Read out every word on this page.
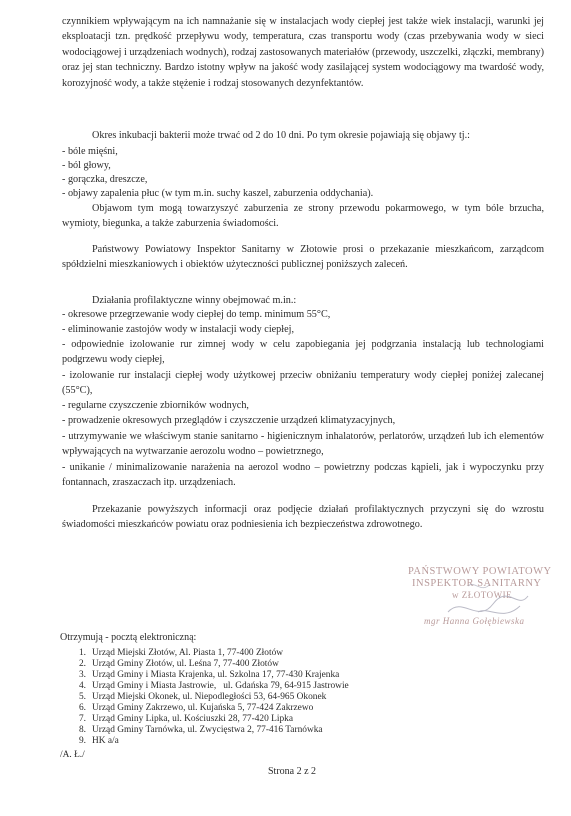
czynnikiem wpływającym na ich namnażanie się w instalacjach wody ciepłej jest także wiek instalacji, warunki jej eksploatacji tzn. prędkość przepływu wody, temperatura, czas transportu wody (czas przebywania wody w sieci wodociągowej i urządzeniach wodnych), rodzaj zastosowanych materiałów (przewody, uszczelki, złączki, membrany) oraz jej stan techniczny. Bardzo istotny wpływ na jakość wody zasilającej system wodociągowy ma twardość wody, korozyjność wody, a także stężenie i rodzaj stosowanych dezynfektantów.

Okres inkubacji bakterii może trwać od 2 do 10 dni. Po tym okresie pojawiają się objawy tj.:

- bóle mięśni,

- ból głowy,

- gorączka, dreszcze,

- objawy zapalenia płuc (w tym m.in. suchy kaszel, zaburzenia oddychania).

Objawom tym mogą towarzyszyć zaburzenia ze strony przewodu pokarmowego, w tym bóle brzucha, wymioty, biegunka, a także zaburzenia świadomości.

Państwowy Powiatowy Inspektor Sanitarny w Złotowie prosi o przekazanie mieszkańcom, zarządcom spółdzielni mieszkaniowych i obiektów użyteczności publicznej poniższych zaleceń.

Działania profilaktyczne winny obejmować m.in.:

- okresowe przegrzewanie wody ciepłej do temp. minimum 55°C,

- eliminowanie zastojów wody w instalacji wody ciepłej,

- odpowiednie izolowanie rur zimnej wody w celu zapobiegania jej podgrzania instalacją lub technologiami podgrzewu wody ciepłej,

- izolowanie rur instalacji ciepłej wody użytkowej przeciw obniżaniu temperatury wody ciepłej poniżej zalecanej (55°C),

- regularne czyszczenie zbiorników wodnych,

- prowadzenie okresowych przeglądów i czyszczenie urządzeń klimatyzacyjnych,

- utrzymywanie we właściwym stanie sanitarno - higienicznym inhalatorów, perlatorów, urządzeń lub ich elementów wpływających na wytwarzanie aerozolu wodno – powietrznego,

- unikanie / minimalizowanie narażenia na aerozol wodno – powietrzny podczas kąpieli, jak i wypoczynku przy fontannach, zraszaczach itp. urządzeniach.

Przekazanie powyższych informacji oraz podjęcie działań profilaktycznych przyczyni się do wzrostu świadomości mieszkańców powiatu oraz podniesienia ich bezpieczeństwa zdrowotnego.

PAŃSTWOWY POWIATOWY
INSPEKTOR SANITARNY
w ZŁOTOWIE
mgr Hanna Gołębiewska
Otrzymują - pocztą elektroniczną:
1. Urząd Miejski Złotów, Al. Piasta 1, 77-400 Złotów
2. Urząd Gminy Złotów, ul. Leśna 7, 77-400 Złotów
3. Urząd Gminy i Miasta Krajenka, ul. Szkolna 17, 77-430 Krajenka
4. Urząd Gminy i Miasta Jastrowie,   ul. Gdańska 79, 64-915 Jastrowie
5. Urząd Miejski Okonek, ul. Niepodległości 53, 64-965 Okonek
6. Urząd Gminy Zakrzewo, ul. Kujańska 5, 77-424 Zakrzewo
7. Urząd Gminy Lipka, ul. Kościuszki 28, 77-420 Lipka
8. Urząd Gminy Tarnówka, ul. Zwycięstwa 2, 77-416 Tarnówka
9. HK a/a
/A. Ł./
Strona 2 z 2
